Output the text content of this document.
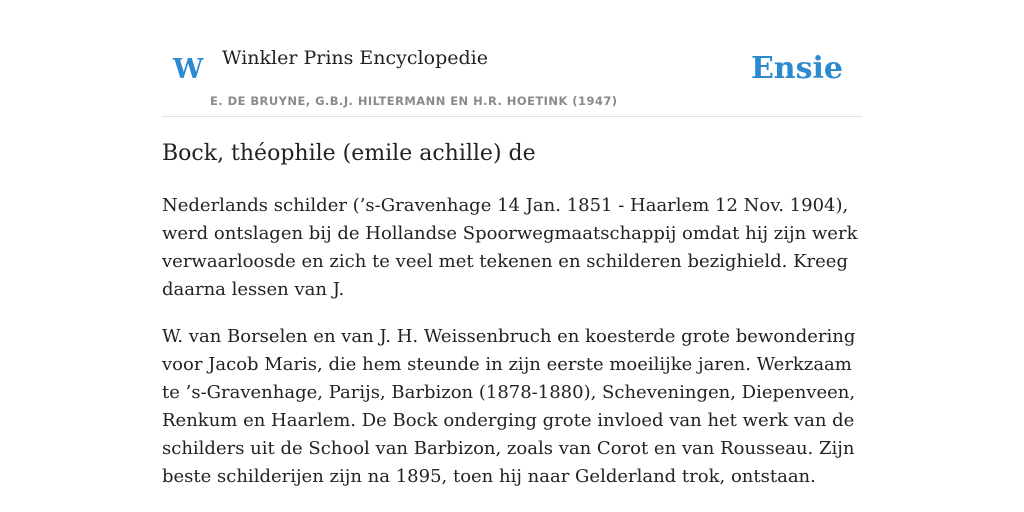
W Winkler Prins Encyclopedie
E. DE BRUYNE, G.B.J. HILTERMANN EN H.R. HOETINK (1947)
Ensie
Bock, théophile (emile achille) de

Nederlands schilder (’s-Gravenhage 14 Jan. 1851 - Haarlem 12 Nov. 1904), werd ontslagen bij de Hollandse Spoorwegmaatschappij omdat hij zijn werk verwaarloosde en zich te veel met tekenen en schilderen bezighield. Kreeg daarna lessen van J.

W. van Borselen en van J. H. Weissenbruch en koesterde grote bewondering voor Jacob Maris, die hem steunde in zijn eerste moeilijke jaren. Werkzaam te ’s-Gravenhage, Parijs, Barbizon (1878-1880), Scheveningen, Diepenveen, Renkum en Haarlem. De Bock onderging grote invloed van het werk van de schilders uit de School van Barbizon, zoals van Corot en van Rousseau. Zijn beste schilderijen zijn na 1895, toen hij naar Gelderland trok, ontstaan.
